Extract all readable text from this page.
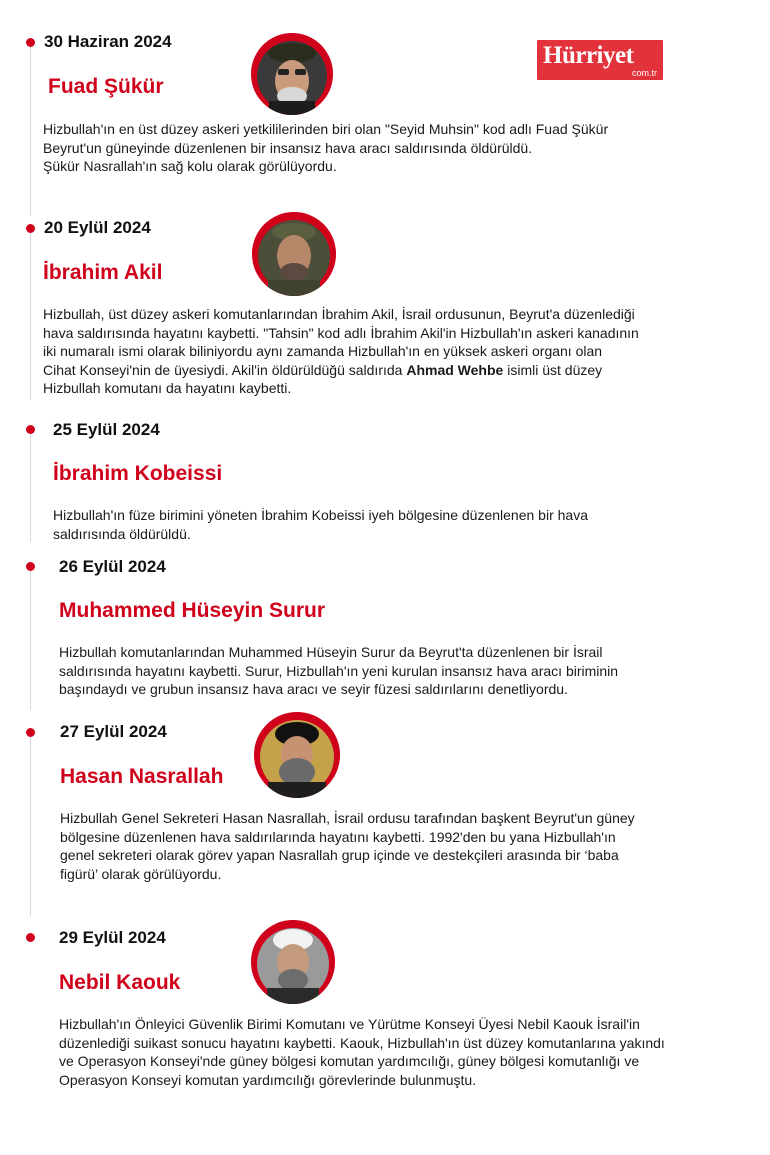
Hürriyet
com.tr
30 Haziran 2024
Fuad Şükür

Hizbullah'ın en üst düzey askeri yetkililerinden biri olan "Seyid Muhsin" kod adlı Fuad Şükür

Beyrut'un güneyinde düzenlenen bir insansız hava aracı saldırısında öldürüldü.

Şükür Nasrallah'ın sağ kolu olarak görülüyordu.

20 Eylül 2024
İbrahim Akil

Hizbullah, üst düzey askeri komutanlarından İbrahim Akil, İsrail ordusunun, Beyrut'a düzenlediği

hava saldırısında hayatını kaybetti. "Tahsin" kod adlı İbrahim Akil'in Hizbullah'ın askeri kanadının

iki numaralı ismi olarak biliniyordu aynı zamanda Hizbullah'ın en yüksek askeri organı olan

Cihat Konseyi'nin de üyesiydi. Akil'in öldürüldüğü saldırıda Ahmad Wehbe isimli üst düzey

Hizbullah komutanı da hayatını kaybetti.

25 Eylül 2024
İbrahim Kobeissi

Hizbullah'ın füze birimini yöneten İbrahim Kobeissi iyeh bölgesine düzenlenen bir hava

saldırısında öldürüldü.

26 Eylül 2024
Muhammed Hüseyin Surur

Hizbullah komutanlarından Muhammed Hüseyin Surur da Beyrut'ta düzenlenen bir İsrail

saldırısında hayatını kaybetti. Surur, Hizbullah'ın yeni kurulan insansız hava aracı biriminin

başındaydı ve grubun insansız hava aracı ve seyir füzesi saldırılarını denetliyordu.

27 Eylül 2024
Hasan Nasrallah

Hizbullah Genel Sekreteri Hasan Nasrallah, İsrail ordusu tarafından başkent Beyrut'un güney

bölgesine düzenlenen hava saldırılarında hayatını kaybetti. 1992'den bu yana Hizbullah'ın

genel sekreteri olarak görev yapan Nasrallah grup içinde ve destekçileri arasında bir ‘baba

figürü’ olarak görülüyordu.

29 Eylül 2024
Nebil Kaouk

Hizbullah'ın Önleyici Güvenlik Birimi Komutanı ve Yürütme Konseyi Üyesi Nebil Kaouk İsrail'in

düzenlediği suikast sonucu hayatını kaybetti. Kaouk, Hizbullah'ın üst düzey komutanlarına yakındı

ve Operasyon Konseyi'nde güney bölgesi komutan yardımcılığı, güney bölgesi komutanlığı ve

Operasyon Konseyi komutan yardımcılığı görevlerinde bulunmuştu.
